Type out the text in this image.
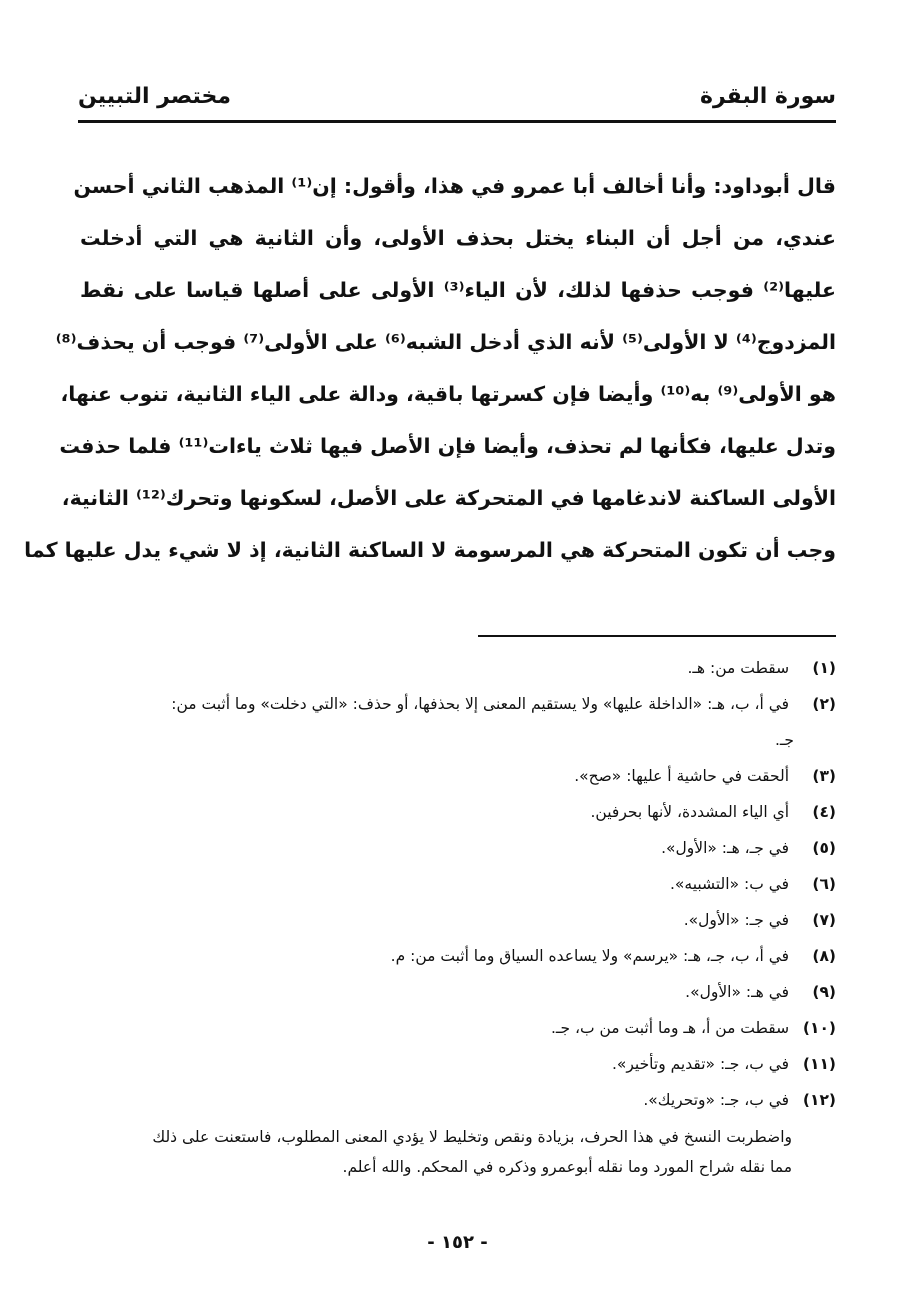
سورة البقرة
مختصر التبيين
قال أبوداود: وأنا أخالف أبا عمرو في هذا، وأقول: إن⁽¹⁾ المذهب الثاني أحسن
عندي، من أجل أن البناء يختل بحذف الأولى، وأن الثانية هي التي أدخلت
عليها⁽²⁾ فوجب حذفها لذلك، لأن الياء⁽³⁾ الأولى على أصلها قياسا على نقط
المزدوج⁽⁴⁾ لا الأولى⁽⁵⁾ لأنه الذي أدخل الشبه⁽⁶⁾ على الأولى⁽⁷⁾ فوجب أن يحذف⁽⁸⁾
هو الأولى⁽⁹⁾ به⁽¹⁰⁾ وأيضا فإن كسرتها باقية، ودالة على الياء الثانية، تنوب عنها،
وتدل عليها، فكأنها لم تحذف، وأيضا فإن الأصل فيها ثلاث ياءات⁽¹¹⁾ فلما حذفت
الأولى الساكنة لاندغامها في المتحركة على الأصل، لسكونها وتحرك⁽¹²⁾ الثانية،
وجب أن تكون المتحركة هي المرسومة لا الساكنة الثانية، إذ لا شيء يدل عليها كما
(١) سقطت من: هـ.
(٢) في أ، ب، هـ: «الداخلة عليها» ولا يستقيم المعنى إلا بحذفها، أو حذف: «التي دخلت» وما أثبت من:
جـ.
(٣) ألحقت في حاشية أ عليها: «صح».
(٤) أي الياء المشددة، لأنها بحرفين.
(٥) في جـ، هـ: «الأول».
(٦) في ب: «التشبيه».
(٧) في جـ: «الأول».
(٨) في أ، ب، جـ، هـ: «يرسم» ولا يساعده السياق وما أثبت من: م.
(٩) في هـ: «الأول».
(١٠) سقطت من أ، هـ وما أثبت من ب، جـ.
(١١) في ب، جـ: «تقديم وتأخير».
(١٢) في ب، جـ: «وتحريك».
واضطربت النسخ في هذا الحرف، بزيادة ونقص وتخليط لا يؤدي المعنى المطلوب، فاستعنت على ذلك
مما نقله شراح المورد وما نقله أبوعمرو وذكره في المحكم. والله أعلم.
- ١٥٢ -
